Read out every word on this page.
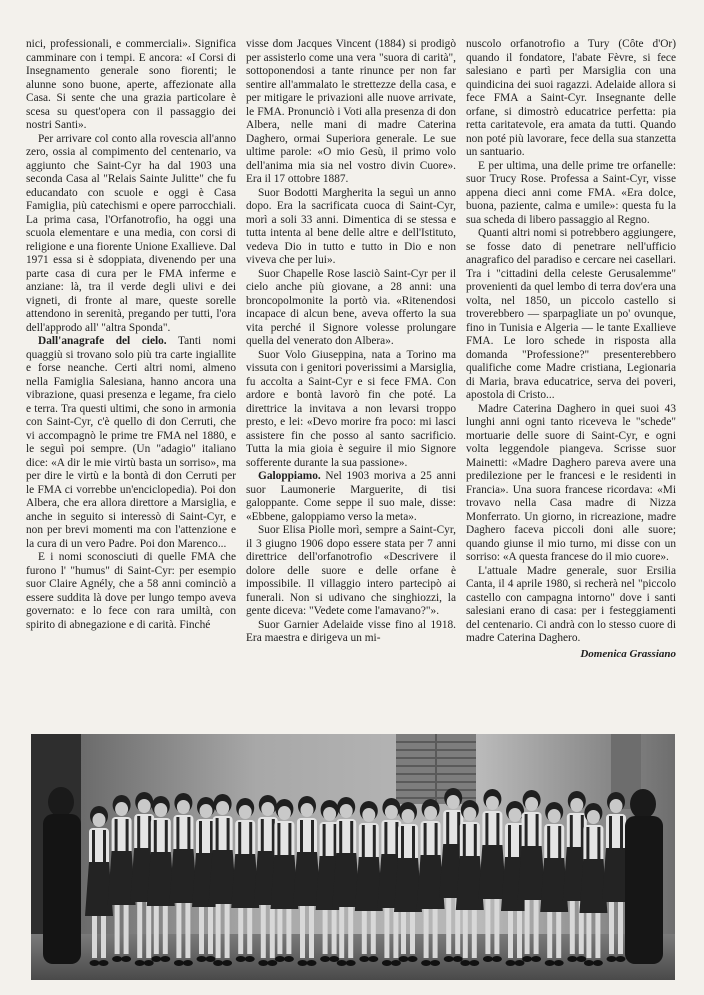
nici, professionali, e commerciali». Significa camminare con i tempi. E ancora: «I Corsi di Insegnamento generale sono fiorenti; le alunne sono buone, aperte, affezionate alla Casa. Si sente che una grazia particolare è scesa su quest'opera con il passaggio dei nostri Santi».

Per arrivare col conto alla rovescia all'anno zero, ossia al compimento del centenario, va aggiunto che Saint-Cyr ha dal 1903 una seconda Casa al "Relais Sainte Julitte" che fu educandato con scuole e oggi è Casa Famiglia, più catechismi e opere parrocchiali. La prima casa, l'Orfanotrofio, ha oggi una scuola elementare e una media, con corsi di religione e una fiorente Unione Exallieve. Dal 1971 essa si è sdoppiata, divenendo per una parte casa di cura per le FMA inferme e anziane: là, tra il verde degli ulivi e dei vigneti, di fronte al mare, queste sorelle attendono in serenità, pregando per tutti, l'ora dell'approdo all' "altra Sponda".

Dall'anagrafe del cielo. Tanti nomi quaggiù si trovano solo più tra carte ingiallite e forse neanche. Certi altri nomi, almeno nella Famiglia Salesiana, hanno ancora una vibrazione, quasi presenza e legame, fra cielo e terra. Tra questi ultimi, che sono in armonia con Saint-Cyr, c'è quello di don Cerruti, che vi accompagnò le prime tre FMA nel 1880, e le seguì poi sempre. (Un "adagio" italiano dice: «A dir le mie virtù basta un sorriso», ma per dire le virtù e la bontà di don Cerruti per le FMA ci vorrebbe un'enciclopedia). Poi don Albera, che era allora direttore a Marsiglia, e anche in seguito si interessò di Saint-Cyr, e non per brevi momenti ma con l'attenzione e la cura di un vero Padre. Poi don Marenco...

E i nomi sconosciuti di quelle FMA che furono l' "humus" di Saint-Cyr: per esempio suor Claire Agnély, che a 58 anni cominciò a essere suddita là dove per lungo tempo aveva governato: e lo fece con rara umiltà, con spirito di abnegazione e di carità. Finché

visse dom Jacques Vincent (1884) si prodigò per assisterlo come una vera "suora di carità", sottoponendosi a tante rinunce per non far sentire all'ammalato le strettezze della casa, e per mitigare le privazioni alle nuove arrivate, le FMA. Pronunciò i Voti alla presenza di don Albera, nelle mani di madre Caterina Daghero, ormai Superiora generale. Le sue ultime parole: «O mio Gesù, il primo volo dell'anima mia sia nel vostro divin Cuore». Era il 17 ottobre 1887.

Suor Bodotti Margherita la seguì un anno dopo. Era la sacrificata cuoca di Saint-Cyr, morì a soli 33 anni. Dimentica di se stessa e tutta intenta al bene delle altre e dell'Istituto, vedeva Dio in tutto e tutto in Dio e non viveva che per lui».

Suor Chapelle Rose lasciò Saint-Cyr per il cielo anche più giovane, a 28 anni: una broncopolmonite la portò via. «Ritenendosi incapace di alcun bene, aveva offerto la sua vita perché il Signore volesse prolungare quella del venerato don Albera».

Suor Volo Giuseppina, nata a Torino ma vissuta con i genitori poverissimi a Marsiglia, fu accolta a Saint-Cyr e si fece FMA. Con ardore e bontà lavorò fin che poté. La direttrice la invitava a non levarsi troppo presto, e lei: «Devo morire fra poco: mi lasci assistere fin che posso al santo sacrificio. Tutta la mia gioia è seguire il mio Signore sofferente durante la sua passione».

Galoppiamo. Nel 1903 moriva a 25 anni suor Laumonerie Marguerite, di tisi galoppante. Come seppe il suo male, disse: «Ebbene, galoppiamo verso la meta».

Suor Elisa Piolle morì, sempre a Saint-Cyr, il 3 giugno 1906 dopo essere stata per 7 anni direttrice dell'orfanotrofio «Descrivere il dolore delle suore e delle orfane è impossibile. Il villaggio intero partecipò ai funerali. Non si udivano che singhiozzi, la gente diceva: "Vedete come l'amavano?"».

Suor Garnier Adelaide visse fino al 1918. Era maestra e dirigeva un mi-

nuscolo orfanotrofio a Tury (Côte d'Or) quando il fondatore, l'abate Fèvre, si fece salesiano e partì per Marsiglia con una quindicina dei suoi ragazzi. Adelaide allora si fece FMA a Saint-Cyr. Insegnante delle orfane, si dimostrò educatrice perfetta: pia retta caritatevole, era amata da tutti. Quando non poté più lavorare, fece della sua stanzetta un santuario.

E per ultima, una delle prime tre orfanelle: suor Trucy Rose. Professa a Saint-Cyr, visse appena dieci anni come FMA. «Era dolce, buona, paziente, calma e umile»: questa fu la sua scheda di libero passaggio al Regno.

Quanti altri nomi si potrebbero aggiungere, se fosse dato di penetrare nell'ufficio anagrafico del paradiso e cercare nei casellari. Tra i "cittadini della celeste Gerusalemme" provenienti da quel lembo di terra dov'era una volta, nel 1850, un piccolo castello si troverebbero — sparpagliate un po' ovunque, fino in Tunisia e Algeria — le tante Exallieve FMA. Le loro schede in risposta alla domanda "Professione?" presenterebbero qualifiche come Madre cristiana, Legionaria di Maria, brava educatrice, serva dei poveri, apostola di Cristo...

Madre Caterina Daghero in quei suoi 43 lunghi anni ogni tanto riceveva le "schede" mortuarie delle suore di Saint-Cyr, e ogni volta leggendole piangeva. Scrisse suor Mainetti: «Madre Daghero pareva avere una predilezione per le francesi e le residenti in Francia». Una suora francese ricordava: «Mi trovavo nella Casa madre di Nizza Monferrato. Un giorno, in ricreazione, madre Daghero faceva piccoli doni alle suore; quando giunse il mio turno, mi disse con un sorriso: «A questa francese do il mio cuore».

L'attuale Madre generale, suor Ersilia Canta, il 4 aprile 1980, si recherà nel "piccolo castello con campagna intorno" dove i santi salesiani erano di casa: per i festeggiamenti del centenario. Ci andrà con lo stesso cuore di madre Caterina Daghero.

Domenica Grassiano
